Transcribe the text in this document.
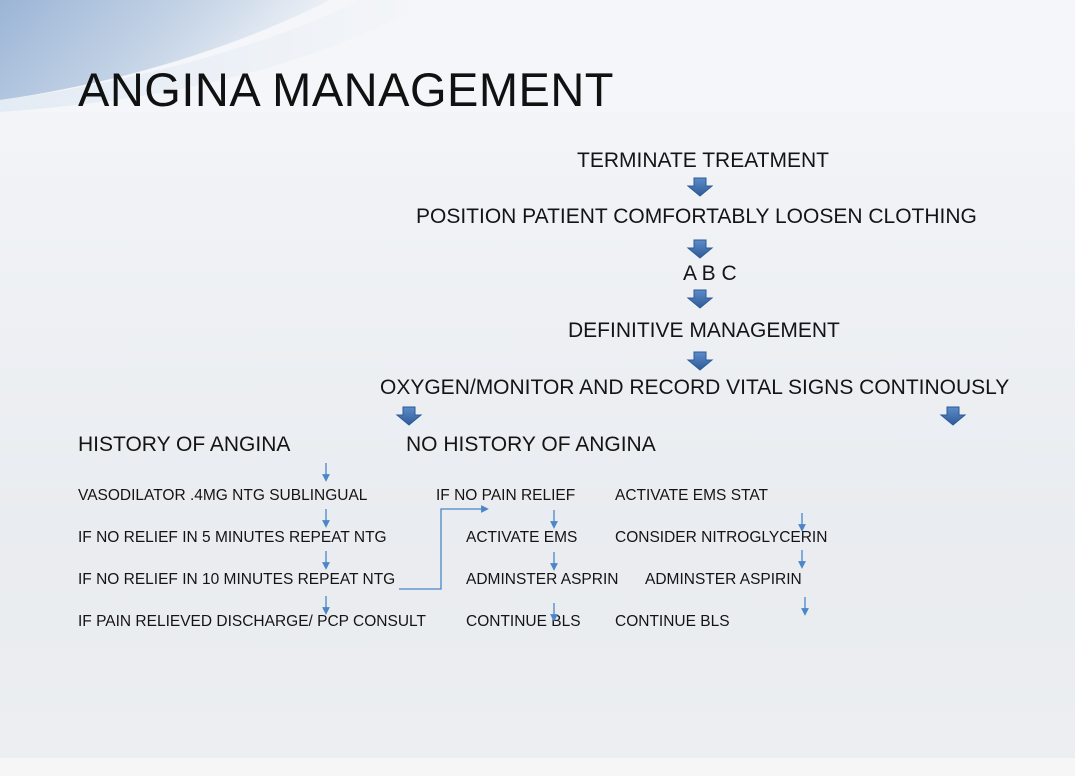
ANGINA MANAGEMENT
TERMINATE TREATMENT
POSITION PATIENT COMFORTABLY LOOSEN CLOTHING
A B C
DEFINITIVE MANAGEMENT
OXYGEN/MONITOR AND RECORD VITAL SIGNS CONTINOUSLY
HISTORY OF ANGINA	NO HISTORY OF ANGINA
VASODILATOR .4MG NTG SUBLINGUAL
IF NO RELIEF IN 5 MINUTES REPEAT NTG
IF NO RELIEF IN 10 MINUTES REPEAT NTG
IF PAIN RELIEVED DISCHARGE/ PCP CONSULT
IF NO PAIN RELIEF
ACTIVATE EMS
ADMINSTER ASPRIN
CONTINUE BLS
ACTIVATE EMS STAT
CONSIDER NITROGLYCERIN
ADMINSTER ASPIRIN
CONTINUE BLS
